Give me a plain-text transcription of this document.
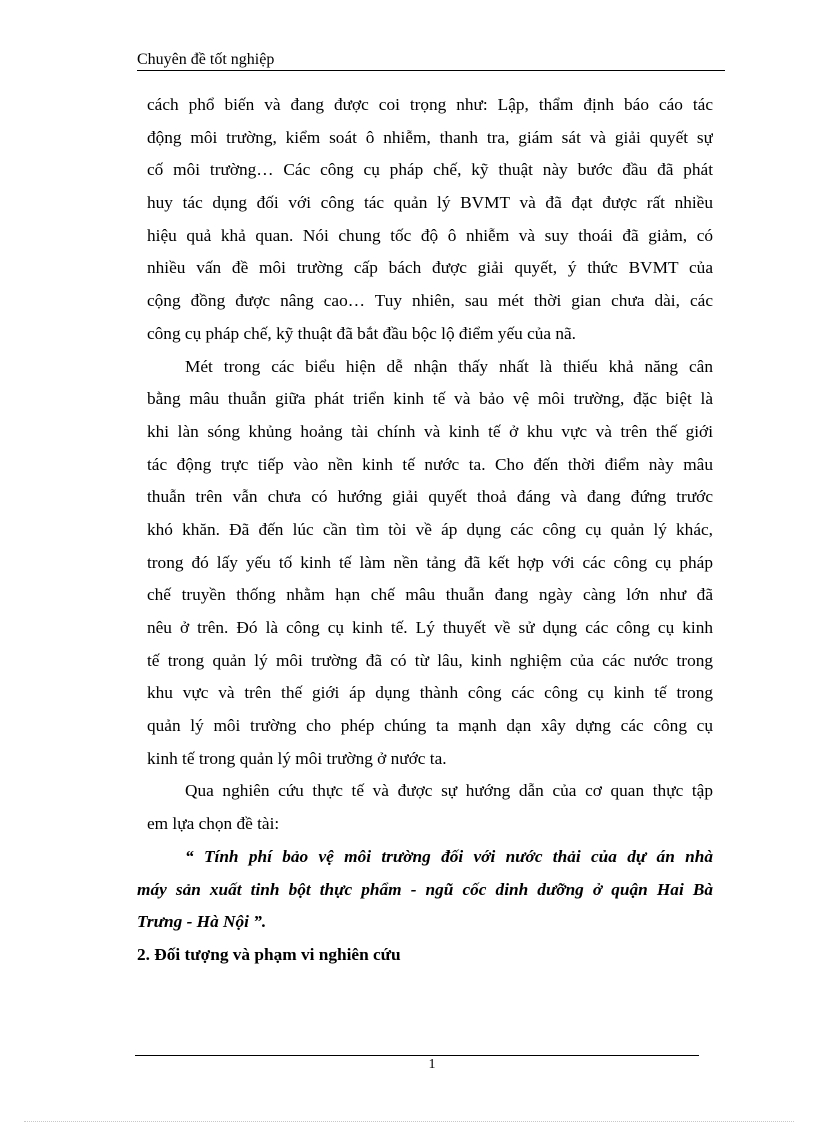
Chuyên đề tốt nghiệp
cách phổ biến và đang được coi trọng như: Lập, thẩm định báo cáo tác
động môi trường, kiểm soát ô nhiễm, thanh tra, giám sát và giải quyết sự
cố môi trường… Các công cụ pháp chế, kỹ thuật này bước đầu đã phát
huy tác dụng đối với công tác quản lý BVMT và đã đạt được rất nhiều
hiệu quả khả quan. Nói chung tốc độ ô nhiễm và suy thoái đã giảm, có
nhiều vấn đề môi trường cấp bách được giải quyết, ý thức BVMT của
cộng đồng được nâng cao… Tuy nhiên, sau mét thời gian chưa dài, các
công cụ pháp chế, kỹ thuật đã bắt đầu bộc lộ điểm yếu của nã.
Mét trong các biểu hiện dễ nhận thấy nhất là thiếu khả năng cân
bằng mâu thuẫn giữa phát triển kinh tế và bảo vệ môi trường, đặc biệt là
khi làn sóng khủng hoảng tài chính và kinh tế ở khu vực và trên thế giới
tác động trực tiếp vào nền kinh tế nước ta. Cho đến thời điểm này mâu
thuẫn trên vẫn chưa có hướng giải quyết thoả đáng và đang đứng trước
khó khăn. Đã đến lúc cần tìm tòi về áp dụng các công cụ quản lý khác,
trong đó lấy yếu tố kinh tế làm nền tảng đã kết hợp với các công cụ pháp
chế truyền thống nhằm hạn chế mâu thuẫn đang ngày càng lớn như đã
nêu ở trên. Đó là công cụ kinh tế. Lý thuyết về sử dụng các công cụ kinh
tế trong quản lý môi trường đã có từ lâu, kinh nghiệm của các nước trong
khu vực và trên thế giới áp dụng thành công các công cụ kinh tế trong
quản lý môi trường cho phép chúng ta mạnh dạn xây dựng các công cụ
kinh tế trong quản lý môi trường ở nước ta.
Qua nghiên cứu thực tế và được sự hướng dẫn của cơ quan thực tập
em lựa chọn đề tài:
“ Tính phí bảo vệ môi trường đối với nước thải của dự án nhà
máy sản xuất tinh bột thực phẩm - ngũ cốc dinh dưỡng ở quận Hai Bà
Trưng - Hà Nội ”.
2. Đối tượng và phạm vi nghiên cứu
1
